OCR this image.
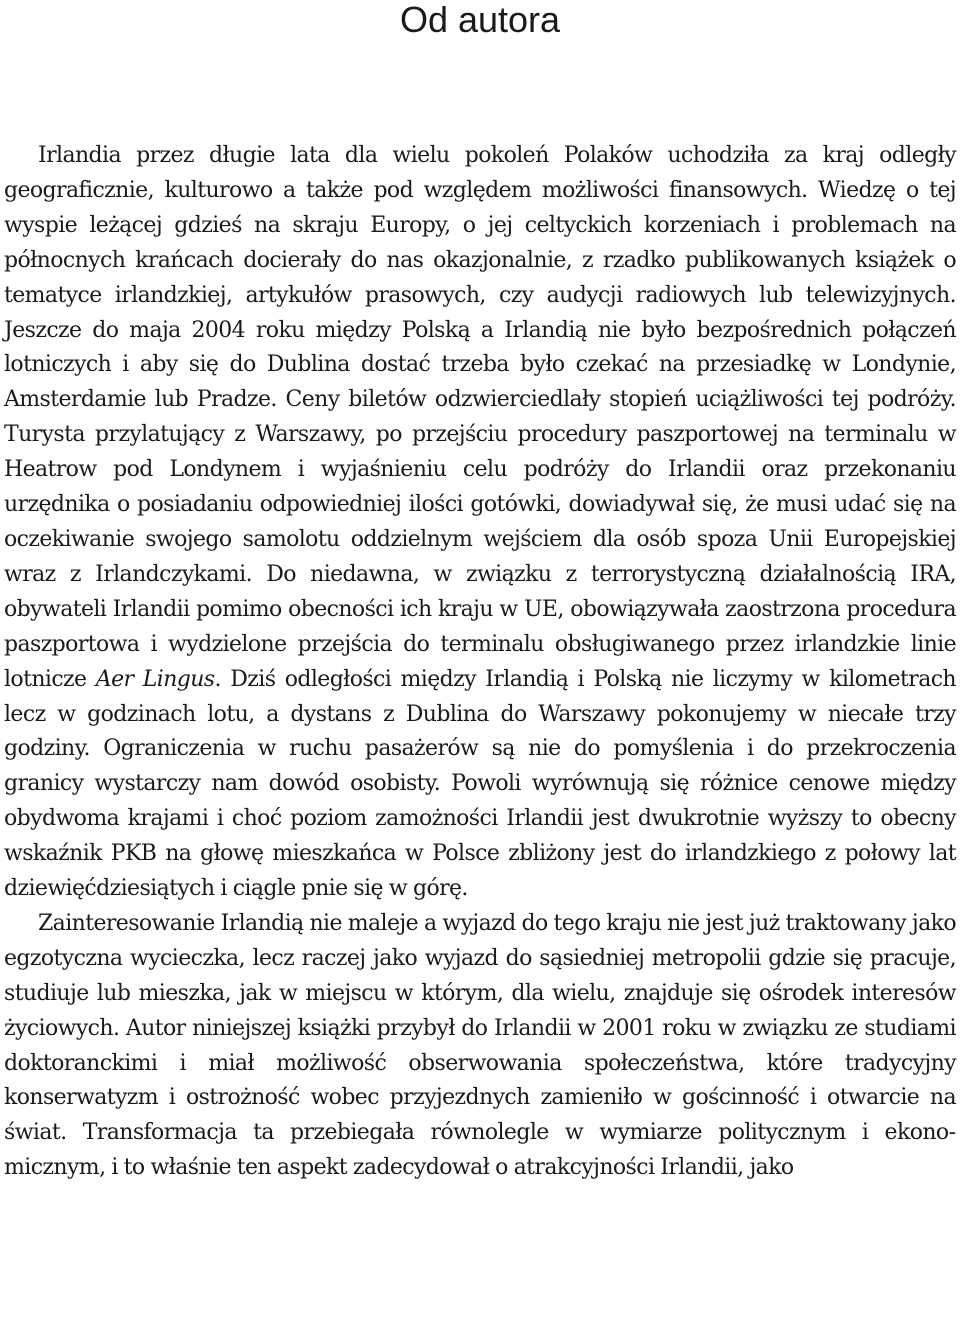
Od autora

Irlandia przez długie lata dla wielu pokoleń Polaków uchodziła za kraj odległy geograficznie, kulturowo a także pod względem możliwości finansowych. Wiedzę o tej wyspie leżącej gdzieś na skraju Europy, o jej celtyckich korzeniach i problemach na północnych krańcach docierały do nas okazjonalnie, z rzadko publikowanych książek o tematyce irlandzkiej, artykułów prasowych, czy audycji radiowych lub telewizyjnych. Jeszcze do maja 2004 roku między Polską a Irlandią nie było bezpośrednich połączeń lotniczych i aby się do Dublina dostać trzeba było czekać na przesiadkę w Londynie, Amsterdamie lub Pradze. Ceny biletów odzwierciedlały stopień uciążliwości tej podróży. Turysta przylatujący z Warszawy, po przejściu procedury paszportowej na terminalu w Heatrow pod Londynem i wyjaśnieniu celu podróży do Irlandii oraz przekonaniu urzędnika o posiadaniu odpowiedniej ilości gotówki, dowiadywał się, że musi udać się na oczekiwanie swojego samolotu oddzielnym wejściem dla osób spoza Unii Europejskiej wraz z Irlandczykami. Do niedawna, w związku z terrorystyczną działalnością IRA, obywateli Irlandii pomimo obecności ich kraju w UE, obowiązywała zaostrzona procedura paszportowa i wydzielone przejścia do terminalu obsługiwanego przez irlandzkie linie lotnicze Aer Lingus. Dziś odległości między Irlandią i Polską nie liczymy w kilometrach lecz w godzinach lotu, a dystans z Dublina do Warszawy pokonujemy w niecałe trzy godziny. Ograniczenia w ruchu pasażerów są nie do pomyślenia i do przekroczenia granicy wystarczy nam dowód osobisty. Powoli wyrównują się różnice cenowe między obydwoma krajami i choć poziom zamożności Irlandii jest dwukrotnie wyższy to obecny wskaźnik PKB na głowę mieszkańca w Polsce zbliżony jest do irlandzkiego z połowy lat dziewięćdziesiątych i ciągle pnie się w górę.

Zainteresowanie Irlandią nie maleje a wyjazd do tego kraju nie jest już traktowany jako egzotyczna wycieczka, lecz raczej jako wyjazd do sąsiedniej metropolii gdzie się pracuje, studiuje lub mieszka, jak w miejscu w którym, dla wielu, znajduje się ośrodek interesów życiowych. Autor niniejszej książki przybył do Irlandii w 2001 roku w związku ze studiami doktoranckimi i miał możliwość obserwowania społeczeństwa, które tradycyjny konserwatyzm i ostrożność wobec przyjezdnych zamieniło w gościnność i otwarcie na świat. Transformacja ta przebiegała równolegle w wymiarze politycznym i ekonomicznym, i to właśnie ten aspekt zadecydował o atrakcyjności Irlandii, jako
